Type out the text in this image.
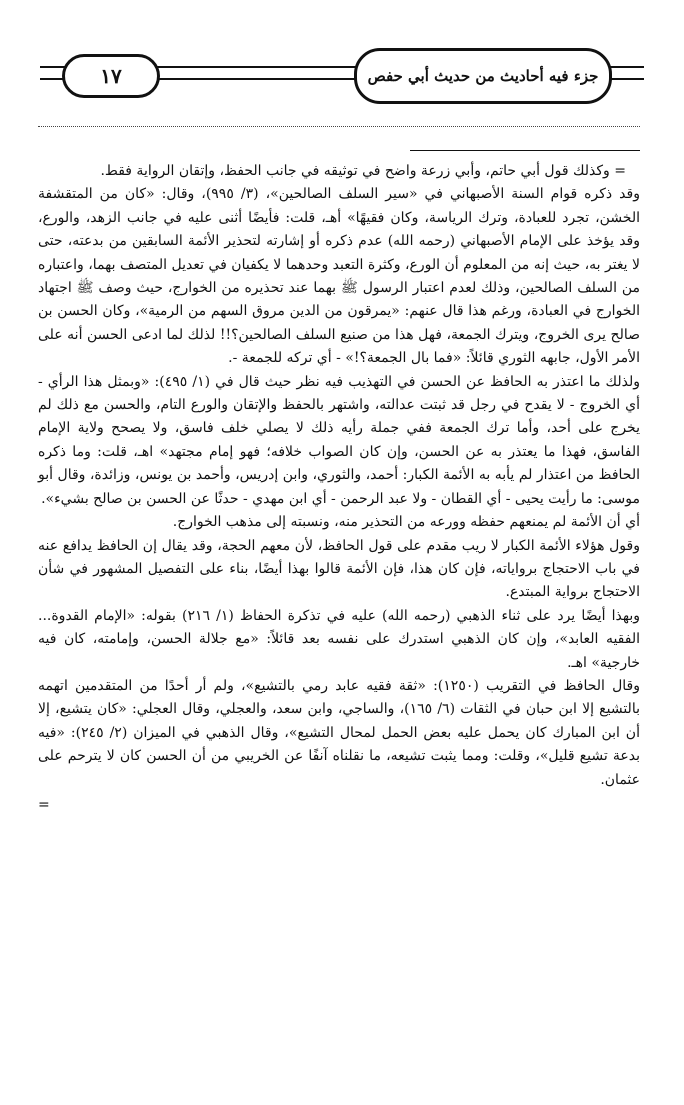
جزء فيه أحاديث من حديث أبي حفص
١٧

= وكذلك قول أبي حاتم، وأبي زرعة واضح في توثيقه في جانب الحفظ، وإتقان الرواية فقط.

وقد ذكره قوام السنة الأصبهاني في «سير السلف الصالحين»، (٣/ ٩٩٥)، وقال: «كان من المتقشفة الخشن، تجرد للعبادة، وترك الرياسة، وكان فقيهًا» أهـ، قلت: فأيضًا أثنى عليه في جانب الزهد، والورع، وقد يؤخذ على الإمام الأصبهاني (رحمه الله) عدم ذكره أو إشارته لتحذير الأئمة السابقين من بدعته، حتى لا يغتر به، حيث إنه من المعلوم أن الورع، وكثرة التعبد وحدهما لا يكفيان في تعديل المتصف بهما، واعتباره من السلف الصالحين، وذلك لعدم اعتبار الرسول ﷺ بهما عند تحذيره من الخوارج، حيث وصف ﷺ اجتهاد الخوارج في العبادة، ورغم هذا قال عنهم: «يمرقون من الدين مروق السهم من الرمية»، وكان الحسن بن صالح يرى الخروج، ويترك الجمعة، فهل هذا من صنيع السلف الصالحين؟!! لذلك لما ادعى الحسن أنه على الأمر الأول، جابهه الثوري قائلاً: «فما بال الجمعة؟!» - أي تركه للجمعة -.

ولذلك ما اعتذر به الحافظ عن الحسن في التهذيب فيه نظر حيث قال في (١/ ٤٩٥): «وبمثل هذا الرأي - أي الخروج - لا يقدح في رجل قد ثبتت عدالته، واشتهر بالحفظ والإتقان والورع التام، والحسن مع ذلك لم يخرج على أحد، وأما ترك الجمعة ففي جملة رأيه ذلك لا يصلي خلف فاسق، ولا يصحح ولاية الإمام الفاسق، فهذا ما يعتذر به عن الحسن، وإن كان الصواب خلافه؛ فهو إمام مجتهد» اهـ، قلت: وما ذكره الحافظ من اعتذار لم يأبه به الأئمة الكبار: أحمد، والثوري، وابن إدريس، وأحمد بن يونس، وزائدة، وقال أبو موسى: ما رأيت يحيى - أي القطان - ولا عبد الرحمن - أي ابن مهدي - حدثًا عن الحسن بن صالح بشيء».

أي أن الأئمة لم يمنعهم حفظه وورعه من التحذير منه، ونسبته إلى مذهب الخوارج.

وقول هؤلاء الأئمة الكبار لا ريب مقدم على قول الحافظ، لأن معهم الحجة، وقد يقال إن الحافظ يدافع عنه في باب الاحتجاج برواياته، فإن كان هذا، فإن الأئمة قالوا بهذا أيضًا، بناء على التفصيل المشهور في شأن الاحتجاج برواية المبتدع.

وبهذا أيضًا يرد على ثناء الذهبي (رحمه الله) عليه في تذكرة الحفاظ (١/ ٢١٦) بقوله: «الإمام القدوة... الفقيه العابد»، وإن كان الذهبي استدرك على نفسه بعد قائلاً: «مع جلالة الحسن، وإمامته، كان فيه خارجية» اهـ.

وقال الحافظ في التقريب (١٢٥٠): «ثقة فقيه عابد رمي بالتشيع»، ولم أر أحدًا من المتقدمين اتهمه بالتشيع إلا ابن حبان في الثقات (٦/ ١٦٥)، والساجي، وابن سعد، والعجلي، وقال العجلي: «كان يتشيع، إلا أن ابن المبارك كان يحمل عليه بعض الحمل لمحال التشيع»، وقال الذهبي في الميزان (٢/ ٢٤٥): «فيه بدعة تشيع قليل»، وقلت: ومما يثبت تشيعه، ما نقلناه آنفًا عن الخريبي من أن الحسن كان لا يترحم على عثمان.

=
